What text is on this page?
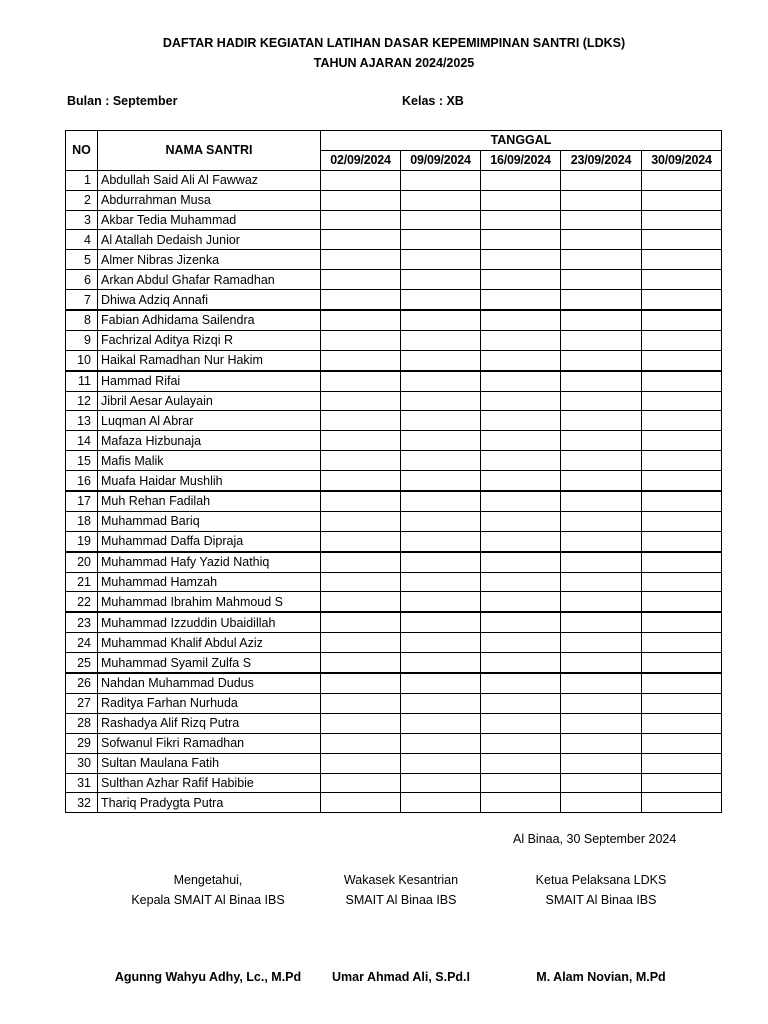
DAFTAR HADIR KEGIATAN LATIHAN DASAR KEPEMIMPINAN SANTRI (LDKS)
TAHUN AJARAN 2024/2025
Bulan : September	Kelas : XB
NO	NAMA SANTRI	TANGGAL				
		02/09/2024	09/09/2024	16/09/2024	23/09/2024	30/09/2024
1	Abdullah Said Ali Al Fawwaz					
2	Abdurrahman Musa					
3	Akbar Tedia Muhammad					
4	Al Atallah Dedaish Junior					
5	Almer Nibras Jizenka					
6	Arkan Abdul Ghafar Ramadhan					
7	Dhiwa Adziq Annafi					
8	Fabian Adhidama Sailendra					
9	Fachrizal Aditya Rizqi R					
10	Haikal Ramadhan Nur Hakim					
11	Hammad Rifai					
12	Jibril Aesar Aulayain					
13	Luqman Al Abrar					
14	Mafaza Hizbunaja					
15	Mafis Malik					
16	Muafa Haidar Mushlih					
17	Muh Rehan Fadilah					
18	Muhammad Bariq					
19	Muhammad Daffa Dipraja					
20	Muhammad Hafy Yazid Nathiq					
21	Muhammad Hamzah					
22	Muhammad Ibrahim Mahmoud S					
23	Muhammad Izzuddin Ubaidillah					
24	Muhammad Khalif Abdul Aziz					
25	Muhammad Syamil Zulfa S					
26	Nahdan Muhammad Dudus					
27	Raditya Farhan Nurhuda					
28	Rashadya Alif Rizq Putra					
29	Sofwanul Fikri Ramadhan					
30	Sultan Maulana Fatih					
31	Sulthan Azhar Rafif Habibie					
32	Thariq Pradygta Putra					
Al Binaa, 30 September 2024
Mengetahui,
Kepala SMAIT Al Binaa IBS
Agunng Wahyu Adhy, Lc., M.Pd
Wakasek Kesantrian
SMAIT Al Binaa IBS
Umar Ahmad Ali, S.Pd.I
Ketua Pelaksana LDKS
SMAIT Al Binaa IBS
M. Alam Novian, M.Pd
